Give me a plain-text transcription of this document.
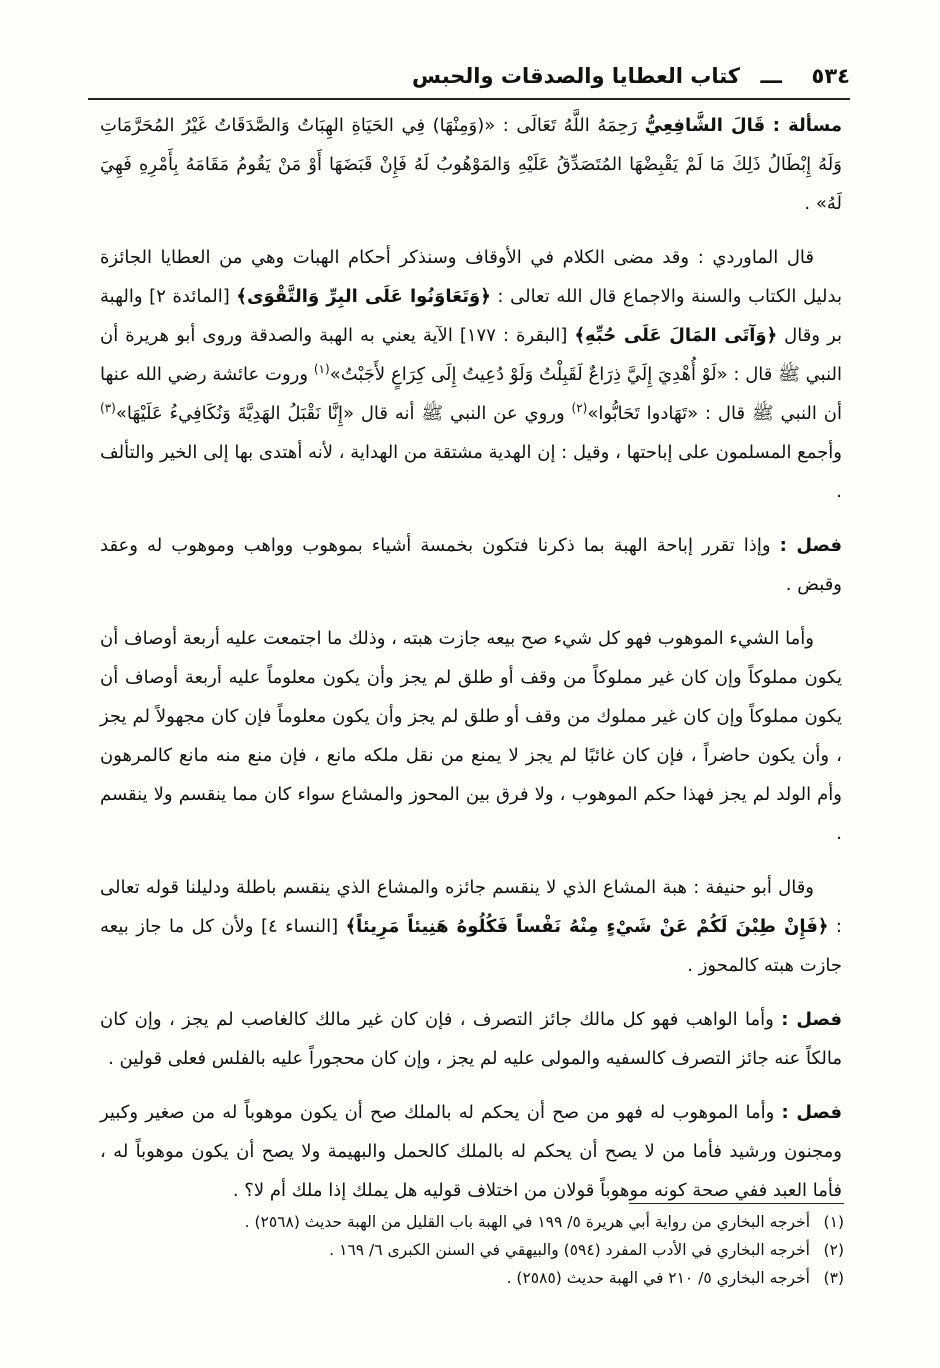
٥٣٤
ـــ
كتاب العطايا والصدقات والحبس

مسألة : قَالَ الشَّافِعِيُّ رَحِمَهُ اللَّهُ تَعَالَى : «(وَمِنْهَا) فِي الحَيَاةِ الهِبَاتُ وَالصَّدَقَاتُ غَيْرُ المُحَرَّمَاتِ وَلَهُ إِبْطَالُ ذَلِكَ مَا لَمْ يَقْبِضْهَا المُتَصَدِّقُ عَلَيْهِ وَالمَوْهُوبُ لَهُ فَإِنْ قَبَضَهَا أَوْ مَنْ يَقُومُ مَقَامَهُ بِأَمْرِهِ فَهِيَ لَهُ» .

قال الماوردي : وقد مضى الكلام في الأوقاف وسنذكر أحكام الهبات وهي من العطايا الجائزة بدليل الكتاب والسنة والاجماع قال الله تعالى : ﴿وَتَعَاوَنُوا عَلَى البِرِّ وَالتَّقْوَى﴾ [المائدة ٢] والهبة بر وقال ﴿وَآتَى المَالَ عَلَى حُبِّهِ﴾ [البقرة : ١٧٧] الآية يعني به الهبة والصدقة وروى أبو هريرة أن النبي ﷺ قال : «لَوْ أُهْدِيَ إِلَيَّ ذِرَاعٌ لَقَبِلْتُ وَلَوْ دُعِيتُ إِلَى كِرَاعٍ لأَجَبْتُ»$^{(١)}$ وروت عائشة رضي الله عنها أن النبي ﷺ قال : «تَهَادوا تَحَابُّوا»$^{(٢)}$ وروي عن النبي ﷺ أنه قال «إِنَّا نَقْبَلُ الهَدِيَّةَ وَنُكَافِيءُ عَلَيْهَا»$^{(٣)}$ وأجمع المسلمون على إباحتها ، وقيل : إن الهدية مشتقة من الهداية ، لأنه أهتدى بها إلى الخير والتألف .

فصل : وإذا تقرر إباحة الهبة بما ذكرنا فتكون بخمسة أشياء بموهوب وواهب وموهوب له وعقد وقبض .

وأما الشيء الموهوب فهو كل شيء صح بيعه جازت هبته ، وذلك ما اجتمعت عليه أربعة أوصاف أن يكون مملوكاً وإن كان غير مملوكاً من وقف أو طلق لم يجز وأن يكون معلوماً عليه أربعة أوصاف أن يكون مملوكاً وإن كان غير مملوك من وقف أو طلق لم يجز وأن يكون معلوماً فإن كان مجهولاً لم يجز ، وأن يكون حاضراً ، فإن كان غائبًا لم يجز لا يمنع من نقل ملكه مانع ، فإن منع منه مانع كالمرهون وأم الولد لم يجز فهذا حكم الموهوب ، ولا فرق بين المحوز والمشاع سواء كان مما ينقسم ولا ينقسم .

وقال أبو حنيفة : هبة المشاع الذي لا ينقسم جائزه والمشاع الذي ينقسم باطلة ودليلنا قوله تعالى : ﴿فَإِنْ طِبْنَ لَكُمْ عَنْ شَيْءٍ مِنْهُ نَفْساً فَكُلُوهُ هَنِيئاً مَرِيئاً﴾ [النساء ٤] ولأن كل ما جاز بيعه جازت هبته كالمحوز .

فصل : وأما الواهب فهو كل مالك جائز التصرف ، فإن كان غير مالك كالغاصب لم يجز ، وإن كان مالكاً عنه جائز التصرف كالسفيه والمولى عليه لم يجز ، وإن كان محجوراً عليه بالفلس فعلى قولين .

فصل : وأما الموهوب له فهو من صح أن يحكم له بالملك صح أن يكون موهوباً له من صغير وكبير ومجنون ورشيد فأما من لا يصح أن يحكم له بالملك كالحمل والبهيمة ولا يصح أن يكون موهوباً له ، فأما العبد ففي صحة كونه موهوباً قولان من اختلاف قوليه هل يملك إذا ملك أم لا؟ .

(١)أخرجه البخاري من رواية أبي هريرة ٥/ ١٩٩ في الهبة باب القليل من الهبة حديث (٢٥٦٨) .

(٢)أخرجه البخاري في الأدب المفرد (٥٩٤) والبيهقي في السنن الكبرى ٦/ ١٦٩ .

(٣)أخرجه البخاري ٥/ ٢١٠ في الهبة حديث (٢٥٨٥) .
